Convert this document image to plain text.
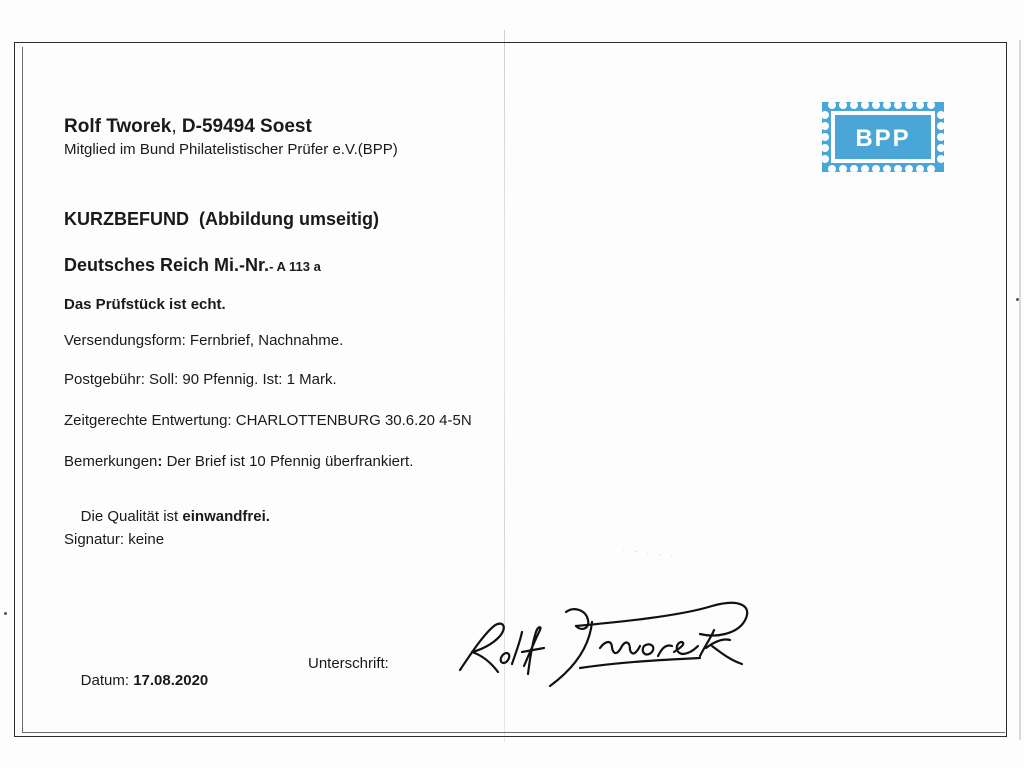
Rolf Tworek, D-59494 Soest
Mitglied im Bund Philatelistischer Prüfer e.V.(BPP)	BPP
KURZBEFUND  (Abbildung umseitig)
Deutsches Reich Mi.-Nr.- A 113 a
Das Prüfstück ist echt.
Versendungsform: Fernbrief, Nachnahme.
Postgebühr: Soll: 90 Pfennig. Ist: 1 Mark.
Zeitgerechte Entwertung: CHARLOTTENBURG 30.6.20 4-5N
Bemerkungen: Der Brief ist 10 Pfennig überfrankiert.

Die Qualität ist einwandfrei.

Signatur: keine

Datum: 17.08.2020

Unterschrift:
· · · · ·
